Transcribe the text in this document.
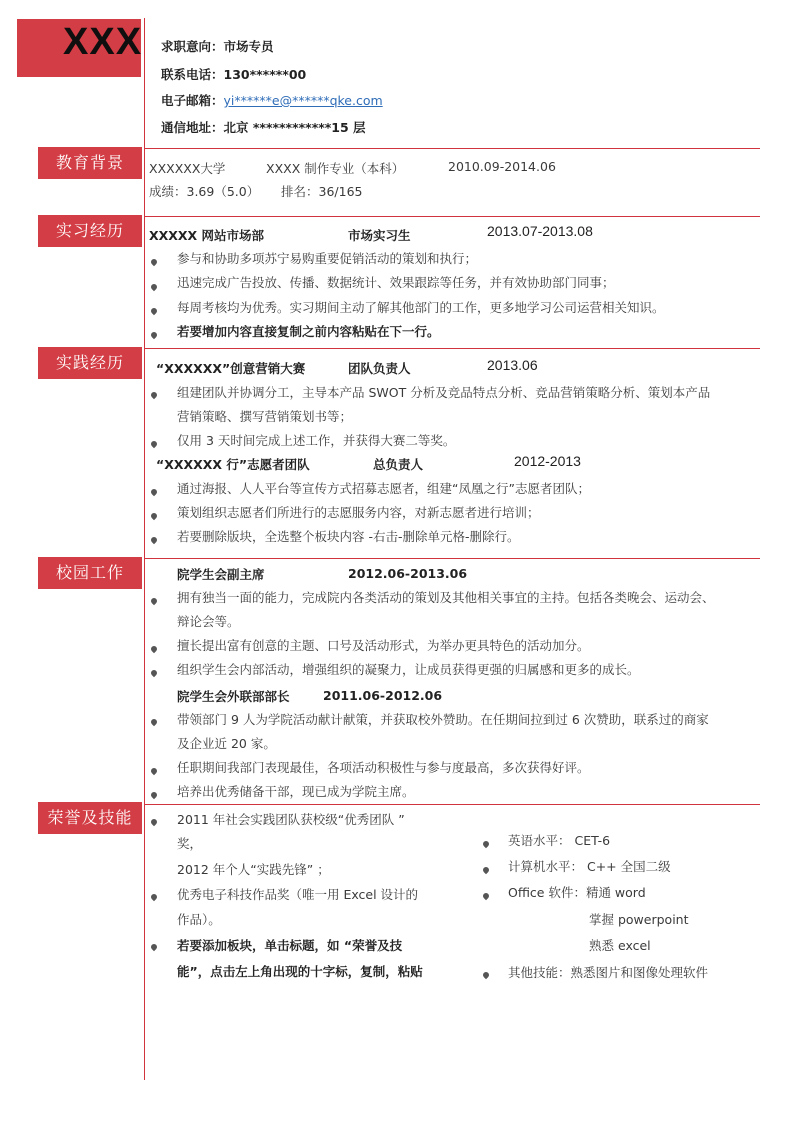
XXX 求职意向：市场专员
联系电话：130******00
电子邮箱：yi******e@******qke.com
通信地址：北京 ************15 层
教育背景	XXXXXX大学	XXXX 制作专业（本科）	2010.09-2014.06
成绩：3.69（5.0） 排名：36/165
实习经历	XXXXX 网站市场部	市场实习生	2013.07-2013.08
参与和协助多项苏宁易购重要促销活动的策划和执行；
迅速完成广告投放、传播、数据统计、效果跟踪等任务，并有效协助部门同事；
每周考核均为优秀。实习期间主动了解其他部门的工作，更多地学习公司运营相关知识。
若要增加内容直接复制之前内容粘贴在下一行。
实践经历	“XXXXXX”创意营销大赛	团队负责人	2013.06
组建团队并协调分工，主导本产品 SWOT 分析及竞品特点分析、竞品营销策略分析、策划本产品
营销策略、撰写营销策划书等；
仅用 3 天时间完成上述工作，并获得大赛二等奖。
“XXXXXX 行”志愿者团队	总负责人	2012-2013
通过海报、人人平台等宣传方式招募志愿者，组建“凤凰之行”志愿者团队；
策划组织志愿者们所进行的志愿服务内容，对新志愿者进行培训；
若要删除版块，全选整个板块内容 -右击-删除单元格-删除行。
校园工作	院学生会副主席	2012.06-2013.06
拥有独当一面的能力，完成院内各类活动的策划及其他相关事宜的主持。包括各类晚会、运动会、
辩论会等。
擅长提出富有创意的主题、口号及活动形式，为举办更具特色的活动加分。
组织学生会内部活动，增强组织的凝聚力，让成员获得更强的归属感和更多的成长。
院学生会外联部部长	2011.06-2012.06
带领部门 9 人为学院活动献计献策，并获取校外赞助。在任期间拉到过 6 次赞助，联系过的商家
及企业近 20 家。
任职期间我部门表现最佳，各项活动积极性与参与度最高，多次获得好评。
培养出优秀储备干部，现已成为学院主席。
荣誉及技能	2011 年社会实践团队获校级“优秀团队 ”
奖，
2012 年个人“实践先锋” ；
优秀电子科技作品奖（唯一用 Excel 设计的
作品）。
若要添加板块，单击标题，如 “荣誉及技
能”，点击左上角出现的十字标，复制，粘贴
英语水平： CET-6
计算机水平： C++ 全国二级
Office 软件：精通 word
掌握 powerpoint
熟悉 excel
其他技能：熟悉图片和图像处理软件
